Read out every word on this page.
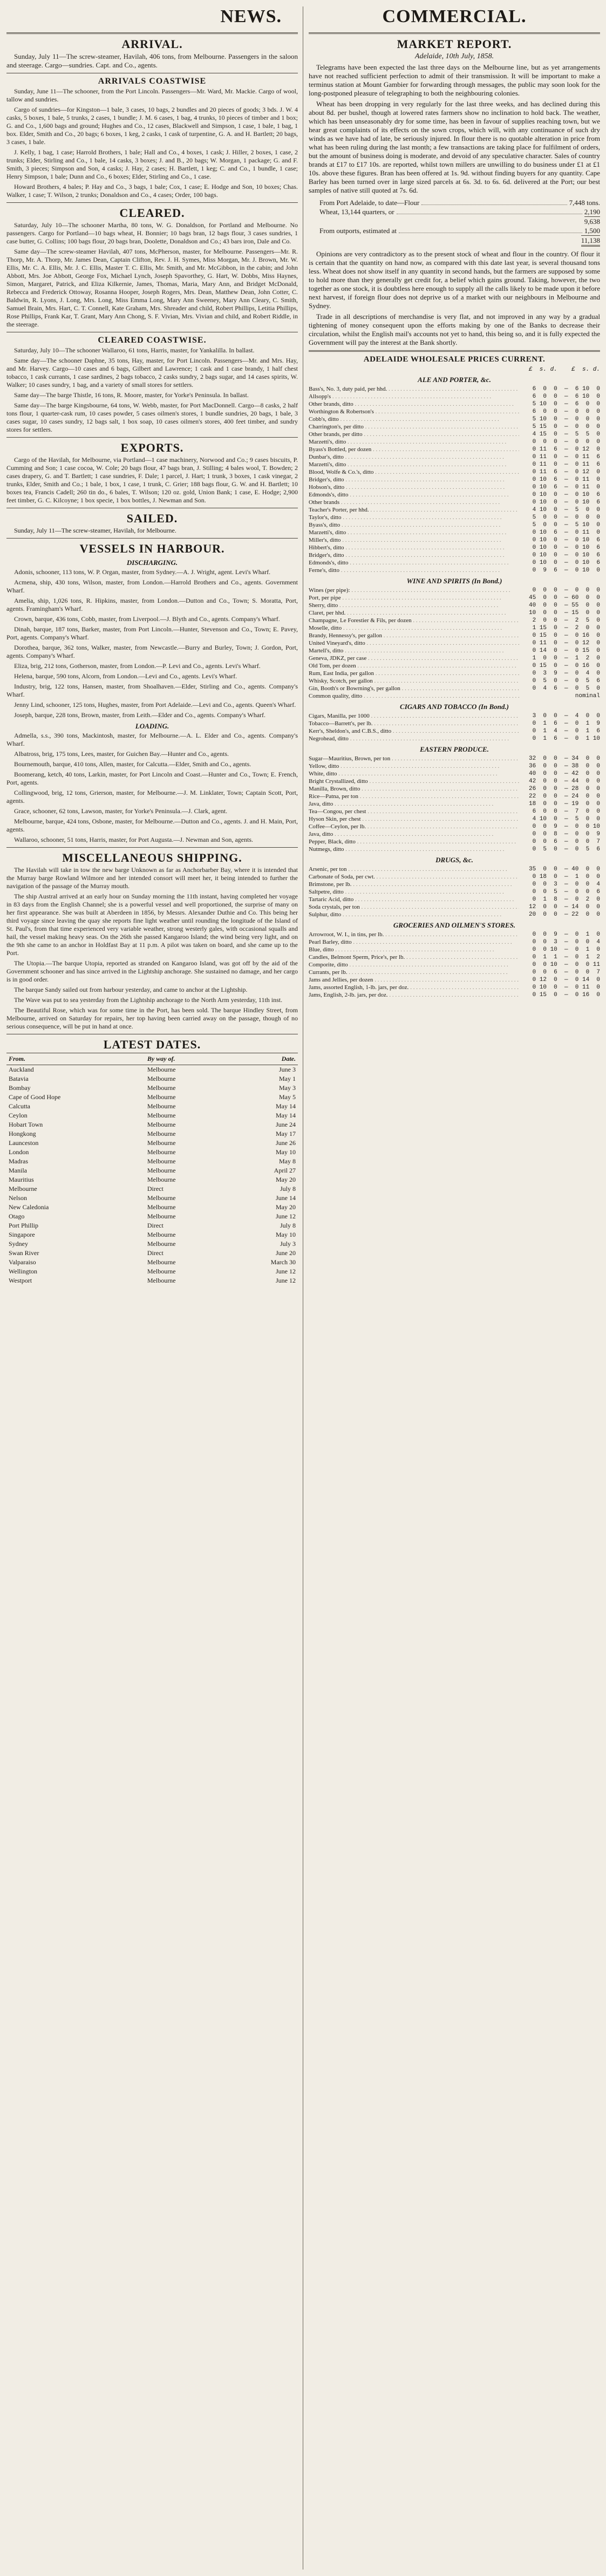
NEWS.
ARRIVAL.

Sunday, July 11—The screw-steamer, Havilah, 406 tons, from Melbourne. Passengers in the saloon and steerage. Cargo—sundries. Capt. and Co., agents.

ARRIVALS COASTWISE

Sunday, June 11—The schooner, from the Port Lincoln. Passengers—Mr. Ward, Mr. Mackie. Cargo of wool, tallow and sundries.

Cargo of sundries—for Kingston—1 bale, 3 cases, 10 bags, 2 bundles and 20 pieces of goods; 3 bds. J. W. 4 casks, 5 boxes, 1 bale, 5 trunks, 2 cases, 1 bundle; J. M. 6 cases, 1 bag, 4 trunks, 10 pieces of timber and 1 box; G. and Co., 1,600 bags and ground; Hughes and Co., 12 cases, Blackwell and Simpson, 1 case, 1 bale, 1 bag, 1 box. Elder, Smith and Co., 20 bags; 6 boxes, 1 keg, 2 casks, 1 cask of turpentine, G. A. and H. Bartlett; 20 bags, 3 cases, 1 bale.

J. Kelly, 1 bag, 1 case; Harrold Brothers, 1 bale; Hall and Co., 4 boxes, 1 cask; J. Hiller, 2 boxes, 1 case, 2 trunks; Elder, Stirling and Co., 1 bale, 14 casks, 3 boxes; J. and B., 20 bags; W. Morgan, 1 package; G. and F. Smith, 3 pieces; Simpson and Son, 4 casks; J. Hay, 2 cases; H. Bartlett, 1 keg; C. and Co., 1 bundle, 1 case; Henry Simpson, 1 bale; Dunn and Co., 6 boxes; Elder, Stirling and Co., 1 case.

Howard Brothers, 4 bales; P. Hay and Co., 3 bags, 1 bale; Cox, 1 case; E. Hodge and Son, 10 boxes; Chas. Walker, 1 case; T. Wilson, 2 trunks; Donaldson and Co., 4 cases; Order, 100 bags.

CLEARED.

Saturday, July 10—The schooner Martha, 80 tons, W. G. Donaldson, for Portland and Melbourne. No passengers. Cargo for Portland—10 bags wheat, H. Bonnier; 10 bags bran, 12 bags flour, 3 cases sundries, 1 case butter, G. Collins; 100 bags flour, 20 bags bran, Doolette, Donaldson and Co.; 43 bars iron, Dale and Co.

Same day—The screw-steamer Havilah, 407 tons, McPherson, master, for Melbourne. Passengers—Mr. R. Thorp, Mr. A. Thorp, Mr. James Dean, Captain Clifton, Rev. J. H. Symes, Miss Morgan, Mr. J. Brown, Mr. W. Ellis, Mr. C. A. Ellis, Mr. J. C. Ellis, Master T. C. Ellis, Mr. Smith, and Mr. McGibbon, in the cabin; and John Abbott, Mrs. Joe Abbott, George Fox, Michael Lynch, Joseph Spavorthey, G. Hart, W. Dobbs, Miss Haynes, Simon, Margaret, Patrick, and Eliza Kilkernie, James, Thomas, Maria, Mary Ann, and Bridget McDonald, Rebecca and Frederick Ottoway, Rosanna Hooper, Joseph Rogers, Mrs. Dean, Matthew Dean, John Cotter, C. Baldwin, R. Lyons, J. Long, Mrs. Long, Miss Emma Long, Mary Ann Sweeney, Mary Ann Cleary, C. Smith, Samuel Brain, Mrs. Hart, C. T. Connell, Kate Graham, Mrs. Shreader and child, Robert Phillips, Letitia Phillips, Rose Phillips, Frank Kar, T. Grant, Mary Ann Chong, S. F. Vivian, Mrs. Vivian and child, and Robert Riddle, in the steerage.

CLEARED COASTWISE.

Saturday, July 10—The schooner Wallaroo, 61 tons, Harris, master, for Yankalilla. In ballast.

Same day—The schooner Daphne, 35 tons, Hay, master, for Port Lincoln. Passengers—Mr. and Mrs. Hay, and Mr. Harvey. Cargo—10 cases and 6 bags, Gilbert and Lawrence; 1 cask and 1 case brandy, 1 half chest tobacco, 1 cask currants, 1 case sardines, 2 bags tobacco, 2 casks sundry, 2 bags sugar, and 14 cases spirits, W. Walker; 10 cases sundry, 1 bag, and a variety of small stores for settlers.

Same day—The barge Thistle, 16 tons, R. Moore, master, for Yorke's Peninsula. In ballast.

Same day—The barge Kingsbourne, 64 tons, W. Webb, master, for Port MacDonnell. Cargo—8 casks, 2 half tons flour, 1 quarter-cask rum, 10 cases powder, 5 cases oilmen's stores, 1 bundle sundries, 20 bags, 1 bale, 3 cases sugar, 10 cases sundry, 12 bags salt, 1 box soap, 10 cases oilmen's stores, 400 feet timber, and sundry stores for settlers.

EXPORTS.

Cargo of the Havilah, for Melbourne, via Portland—1 case machinery, Norwood and Co.; 9 cases biscuits, P. Cumming and Son; 1 case cocoa, W. Cole; 20 bags flour, 47 bags bran, J. Stilling; 4 bales wool, T. Bowden; 2 cases drapery, G. and T. Bartlett; 1 case sundries, F. Dale; 1 parcel, J. Hart; 1 trunk, 3 boxes, 1 cask vinegar, 2 trunks, Elder, Smith and Co.; 1 bale, 1 box, 1 case, 1 trunk, C. Grier; 188 bags flour, G. W. and H. Bartlett; 10 boxes tea, Francis Cadell; 260 tin do., 6 bales, T. Wilson; 120 oz. gold, Union Bank; 1 case, E. Hodge; 2,900 feet timber, G. C. Kilcoyne; 1 box specie, 1 box bottles, J. Newman and Son.

SAILED.

Sunday, July 11—The screw-steamer, Havilah, for Melbourne.

VESSELS IN HARBOUR.
DISCHARGING.

Adonis, schooner, 113 tons, W. P. Organ, master, from Sydney.—A. J. Wright, agent. Levi's Wharf.

Acmena, ship, 430 tons, Wilson, master, from London.—Harrold Brothers and Co., agents. Government Wharf.

Amelia, ship, 1,026 tons, R. Hipkins, master, from London.—Dutton and Co., Town; S. Moratta, Port, agents. Framingham's Wharf.

Crown, barque, 436 tons, Cobb, master, from Liverpool.—J. Blyth and Co., agents. Company's Wharf.

Dinah, barque, 187 tons, Barker, master, from Port Lincoln.—Hunter, Stevenson and Co., Town; E. Pavey, Port, agents. Company's Wharf.

Dorothea, barque, 362 tons, Walker, master, from Newcastle.—Burry and Burley, Town; J. Gordon, Port, agents. Company's Wharf.

Eliza, brig, 212 tons, Gotherson, master, from London.—P. Levi and Co., agents. Levi's Wharf.

Helena, barque, 590 tons, Alcorn, from London.—Levi and Co., agents. Levi's Wharf.

Industry, brig, 122 tons, Hansen, master, from Shoalhaven.—Elder, Stirling and Co., agents. Company's Wharf.

Jenny Lind, schooner, 125 tons, Hughes, master, from Port Adelaide.—Levi and Co., agents. Queen's Wharf.

Joseph, barque, 228 tons, Brown, master, from Leith.—Elder and Co., agents. Company's Wharf.

LOADING.

Admella, s.s., 390 tons, Mackintosh, master, for Melbourne.—A. L. Elder and Co., agents. Company's Wharf.

Albatross, brig, 175 tons, Lees, master, for Guichen Bay.—Hunter and Co., agents.

Bournemouth, barque, 410 tons, Allen, master, for Calcutta.—Elder, Smith and Co., agents.

Boomerang, ketch, 40 tons, Larkin, master, for Port Lincoln and Coast.—Hunter and Co., Town; E. French, Port, agents.

Collingwood, brig, 12 tons, Grierson, master, for Melbourne.—J. M. Linklater, Town; Captain Scott, Port, agents.

Grace, schooner, 62 tons, Lawson, master, for Yorke's Peninsula.—J. Clark, agent.

Melbourne, barque, 424 tons, Osbone, master, for Melbourne.—Dutton and Co., agents. J. and H. Main, Port, agents.

Wallaroo, schooner, 51 tons, Harris, master, for Port Augusta.—J. Newman and Son, agents.

MISCELLANEOUS SHIPPING.

The Havilah will take in tow the new barge Unknown as far as Anchorbarber Bay, where it is intended that the Murray barge Rowland Wilmore and her intended consort will meet her, it being intended to further the navigation of the passage of the Murray mouth.

The ship Austral arrived at an early hour on Sunday morning the 11th instant, having completed her voyage in 83 days from the English Channel; she is a powerful vessel and well proportioned, the surprise of many on her first appearance. She was built at Aberdeen in 1856, by Messrs. Alexander Duthie and Co. This being her third voyage since leaving the quay she reports fine light weather until rounding the longitude of the Island of St. Paul's, from that time experienced very variable weather, strong westerly gales, with occasional squalls and hail, the vessel making heavy seas. On the 26th she passed Kangaroo Island; the wind being very light, and on the 9th she came to an anchor in Holdfast Bay at 11 p.m. A pilot was taken on board, and she came up to the Port.

The Utopia.—The barque Utopia, reported as stranded on Kangaroo Island, was got off by the aid of the Government schooner and has since arrived in the Lightship anchorage. She sustained no damage, and her cargo is in good order.

The barque Sandy sailed out from harbour yesterday, and came to anchor at the Lightship.

The Wave was put to sea yesterday from the Lightship anchorage to the North Arm yesterday, 11th inst.

The Beautiful Rose, which was for some time in the Port, has been sold. The barque Hindley Street, from Melbourne, arrived on Saturday for repairs, her top having been carried away on the passage, though of no serious consequence, will be put in hand at once.

LATEST DATES.
From.	By way of.	Date.
Auckland	Melbourne	June 3
Batavia	Melbourne	May 1
Bombay	Melbourne	May 3
Cape of Good Hope	Melbourne	May 5
Calcutta	Melbourne	May 14
Ceylon	Melbourne	May 14
Hobart Town	Melbourne	June 24
Hongkong	Melbourne	May 17
Launceston	Melbourne	June 26
London	Melbourne	May 10
Madras	Melbourne	May 8
Manila	Melbourne	April 27
Mauritius	Melbourne	May 20
Melbourne	Direct	July 8
Nelson	Melbourne	June 14
New Caledonia	Melbourne	May 20
Otago	Melbourne	June 12
Port Phillip	Direct	July 8
Singapore	Melbourne	May 10
Sydney	Melbourne	July 3
Swan River	Direct	June 20
Valparaiso	Melbourne	March 30
Wellington	Melbourne	June 12
Westport	Melbourne	June 12
COMMERCIAL.
MARKET REPORT.
Adelaide, 10th July, 1858.

Telegrams have been expected the last three days on the Melbourne line, but as yet arrangements have not reached sufficient perfection to admit of their transmission. It will be important to make a terminus station at Mount Gambier for forwarding through messages, the public may soon look for the long-postponed pleasure of telegraphing to both the neighbouring colonies.

Wheat has been dropping in very regularly for the last three weeks, and has declined during this about 8d. per bushel, though at lowered rates farmers show no inclination to hold back. The weather, which has been unseasonably dry for some time, has been in favour of supplies reaching town, but we hear great complaints of its effects on the sown crops, which will, with any continuance of such dry winds as we have had of late, be seriously injured. In flour there is no quotable alteration in price from what has been ruling during the last month; a few transactions are taking place for fulfilment of orders, but the amount of business doing is moderate, and devoid of any speculative character. Sales of country brands at £17 to £17 10s. are reported, whilst town millers are unwilling to do business under £1 at £1 10s. above these figures. Bran has been offered at 1s. 9d. without finding buyers for any quantity. Cape Barley has been turned over in large sized parcels at 6s. 3d. to 6s. 6d. delivered at the Port; our best samples of native still quoted at 7s. 6d.

From Port Adelaide, to date—Flour	7,448 tons.
Wheat, 13,144 quarters, or	2,190
9,638
From outports, estimated at	1,500
11,138

Opinions are very contradictory as to the present stock of wheat and flour in the country. Of flour it is certain that the quantity on hand now, as compared with this date last year, is several thousand tons less. Wheat does not show itself in any quantity in second hands, but the farmers are supposed by some to hold more than they generally get credit for, a belief which gains ground. Taking, however, the two together as one stock, it is doubtless here enough to supply all the calls likely to be made upon it before next harvest, if foreign flour does not deprive us of a market with our neighbours in Melbourne and Sydney.

Trade in all descriptions of merchandise is very flat, and not improved in any way by a gradual tightening of money consequent upon the efforts making by one of the Banks to decrease their circulation, whilst the English mail's accounts not yet to hand, this being so, and it is fully expected the Government will pay the interest at the Bank shortly.

ADELAIDE WHOLESALE PRICES CURRENT.
£  s. d.    £  s. d.
ALE AND PORTER, &c.
Bass's, No. 3, duty paid, per hhd. . . .	6  0  0  —  6 10  0
Allsopp's . . .	6  0  0  —  6 10  0
Other brands, ditto . . .	5 10  0  —  6  0  0
Worthington & Robertson's . . .	6  0  0  —  0  0  0
Cobb's, ditto . . .	5 10  0  —  0  0  0
Charrington's, per ditto . . .	5 15  0  —  0  0  0
Other brands, per ditto . . .	4 15  0  —  5  5  0
Marzetti's, ditto . . .	0  0  0  —  0  0  0
Byass's Bottled, per dozen . . .	0 11  6  —  0 12  0
Dunbar's, ditto . . .	0 11  0  —  0 11  6
Marzetti's, ditto . . .	0 11  0  —  0 11  6
Blood, Wolfe & Co.'s, ditto . . .	0 11  6  —  0 12  0
Bridger's, ditto . . .	0 10  6  —  0 11  0
Hobson's, ditto . . .	0 10  6  —  0 11  0
Edmonds's, ditto . . .	0 10  0  —  0 10  6
Other brands . . .	0 10  0  —  0 10  6
Teacher's Porter, per hhd. . . .	4 10  0  —  5  0  0
Taylor's, ditto . . .	5  0  0  —  0  0  0
Byass's, ditto . . .	5  0  0  —  5 10  0
Marzetti's, ditto . . .	0 10  6  —  0 11  0
Miller's, ditto . . .	0 10  0  —  0 10  6
Hibbert's, ditto . . .	0 10  0  —  0 10  6
Bridger's, ditto . . .	0 10  0  —  0 10  6
Edmonds's, ditto . . .	0 10  0  —  0 10  6
Ferne's, ditto . . .	0  9  6  —  0 10  0
WINE AND SPIRITS (In Bond.)
Wines (per pipe): . . .	0  0  0  —  0  0  0
Port, per pipe . . .	45  0  0  — 60  0  0
Sherry, ditto . . .	40  0  0  — 55  0  0
Claret, per hhd. . . .	10  0  0  — 15  0  0
Champagne, Le Forestier & Fils, per dozen . . .	2  0  0  —  2  5  0
Moselle, ditto . . .	1 15  0  —  2  0  0
Brandy, Hennessy's, per gallon . . .	0 15  0  —  0 16  0
United Vineyard's, ditto . . .	0 11  0  —  0 12  0
Martell's, ditto . . .	0 14  0  —  0 15  0
Geneva, JDKZ, per case . . .	1  0  0  —  1  2  0
Old Tom, per dozen . . .	0 15  0  —  0 16  0
Rum, East India, per gallon . . .	0  3  9  —  0  4  0
Whisky, Scotch, per gallon . . .	0  5  0  —  0  5  6
Gin, Booth's or Bowrning's, per gallon . . .	0  4  6  —  0  5  0
Common quality, ditto . . .	nominal
CIGARS AND TOBACCO (In Bond.)
Cigars, Manilla, per 1000 . . .	3  0  0  —  4  0  0
Tobacco—Barrett's, per lb. . . .	0  1  6  —  0  1  9
Kerr's, Sheldon's, and C.B.S., ditto . . .	0  1  4  —  0  1  6
Negrohead, ditto . . .	0  1  6  —  0  1 10
EASTERN PRODUCE.
Sugar—Mauritius, Brown, per ton . . .	32  0  0  — 34  0  0
Yellow, ditto . . .	36  0  0  — 38  0  0
White, ditto . . .	40  0  0  — 42  0  0
Bright Crystallized, ditto . . .	42  0  0  — 44  0  0
Manilla, Brown, ditto . . .	26  0  0  — 28  0  0
Rice—Patna, per ton . . .	22  0  0  — 24  0  0
Java, ditto . . .	18  0  0  — 19  0  0
Tea—Congou, per chest . . .	6  0  0  —  7  0  0
Hyson Skin, per chest . . .	4 10  0  —  5  0  0
Coffee—Ceylon, per lb. . . .	0  0  9  —  0  0 10
Java, ditto . . .	0  0  8  —  0  0  9
Pepper, Black, ditto . . .	0  0  6  —  0  0  7
Nutmegs, ditto . . .	0  5  0  —  0  5  6
DRUGS, &c.
Arsenic, per ton . . .	35  0  0  — 40  0  0
Carbonate of Soda, per cwt. . . .	0 18  0  —  1  0  0
Brimstone, per lb. . . .	0  0  3  —  0  0  4
Saltpetre, ditto . . .	0  0  5  —  0  0  6
Tartaric Acid, ditto . . .	0  1  8  —  0  2  0
Soda crystals, per ton . . .	12  0  0  — 14  0  0
Sulphur, ditto . . .	20  0  0  — 22  0  0
GROCERIES AND OILMEN'S STORES.
Arrowroot, W. I., in tins, per lb. . . .	0  0  9  —  0  1  0
Pearl Barley, ditto . . .	0  0  3  —  0  0  4
Blue, ditto . . .	0  0 10  —  0  1  0
Candles, Belmont Sperm, Price's, per lb. . . .	0  1  1  —  0  1  2
Comporite, ditto . . .	0  0 10  —  0  0 11
Currants, per lb. . . .	0  0  6  —  0  0  7
Jams and Jellies, per dozen . . .	0 12  0  —  0 14  0
Jams, assorted English, 1-lb. jars, per doz. . . .	0 10  0  —  0 11  0
Jams, English, 2-lb. jars, per doz. . . .	0 15  0  —  0 16  0
